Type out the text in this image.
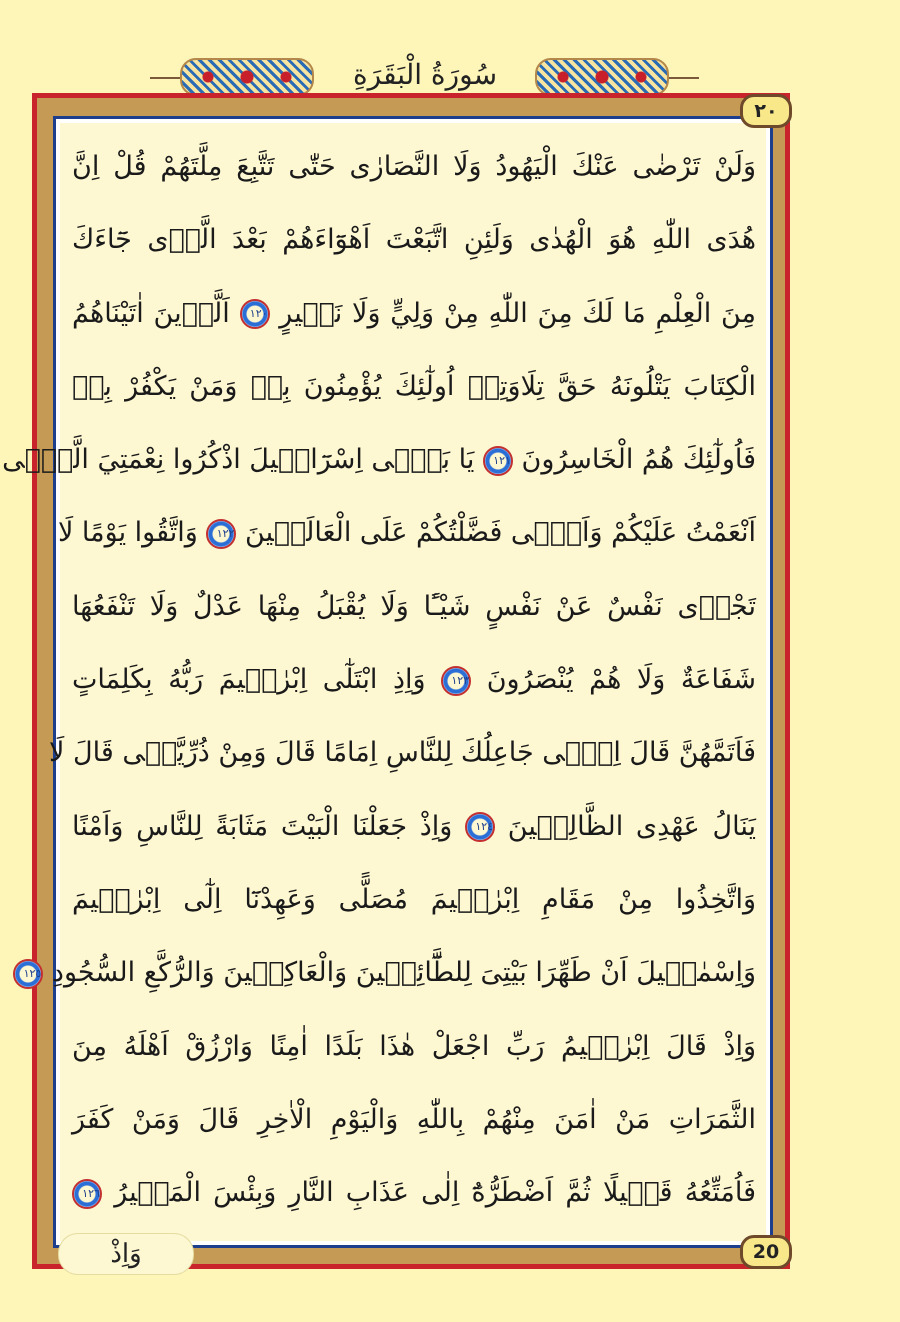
سُورَةُ الْبَقَرَةِ
٢٠
وَلَنْ تَرْضٰى عَنْكَ الْيَهُودُ وَلَا النَّصَارٰى حَتّٰى تَتَّبِعَ مِلَّتَهُمْ قُلْ اِنَّ
هُدَى اللّٰهِ هُوَ الْهُدٰى وَلَئِنِ اتَّبَعْتَ اَهْوَٓاءَهُمْ بَعْدَ الَّذٖى جَٓاءَكَ
مِنَ الْعِلْمِ مَا لَكَ مِنَ اللّٰهِ مِنْ وَلِيٍّ وَلَا نَصٖيرٍ ١٢٠ اَلَّذٖينَ اٰتَيْنَاهُمُ
الْكِتَابَ يَتْلُونَهُ حَقَّ تِلَاوَتِهٖ اُولٰٓئِكَ يُؤْمِنُونَ بِهٖ وَمَنْ يَكْفُرْ بِهٖ
فَاُولٰٓئِكَ هُمُ الْخَاسِرُونَ ١٢١ يَا بَنٖٓى اِسْرَٓائٖيلَ اذْكُرُوا نِعْمَتِيَ الَّتٖٓى
اَنْعَمْتُ عَلَيْكُمْ وَاَنّٖى فَضَّلْتُكُمْ عَلَى الْعَالَمٖينَ ١٢٢ وَاتَّقُوا يَوْمًا لَا
تَجْزٖى نَفْسٌ عَنْ نَفْسٍ شَيْـًٔا وَلَا يُقْبَلُ مِنْهَا عَدْلٌ وَلَا تَنْفَعُهَا
شَفَاعَةٌ وَلَا هُمْ يُنْصَرُونَ ١٢٣ وَاِذِ ابْتَلٰٓى اِبْرٰهٖيمَ رَبُّهُ بِكَلِمَاتٍ
فَاَتَمَّهُنَّ قَالَ اِنّٖى جَاعِلُكَ لِلنَّاسِ اِمَامًا قَالَ وَمِنْ ذُرِّيَّتٖى قَالَ لَا
يَنَالُ عَهْدِى الظَّالِمٖينَ ١٢٤ وَاِذْ جَعَلْنَا الْبَيْتَ مَثَابَةً لِلنَّاسِ وَاَمْنًا
وَاتَّخِذُوا مِنْ مَقَامِ اِبْرٰهٖيمَ مُصَلًّى وَعَهِدْنَٓا اِلٰٓى اِبْرٰهٖيمَ
وَاِسْمٰعٖيلَ اَنْ طَهِّرَا بَيْتِىَ لِلطَّٓائِفٖينَ وَالْعَاكِفٖينَ وَالرُّكَّعِ السُّجُودِ ١٢٥
وَاِذْ قَالَ اِبْرٰهٖيمُ رَبِّ اجْعَلْ هٰذَا بَلَدًا اٰمِنًا وَارْزُقْ اَهْلَهُ مِنَ
الثَّمَرَاتِ مَنْ اٰمَنَ مِنْهُمْ بِاللّٰهِ وَالْيَوْمِ الْاٰخِرِ قَالَ وَمَنْ كَفَرَ
فَاُمَتِّعُهُ قَلٖيلًا ثُمَّ اَضْطَرُّهُٓ اِلٰى عَذَابِ النَّارِ وَبِئْسَ الْمَصٖيرُ ١٢٦
20
وَاِذْ
